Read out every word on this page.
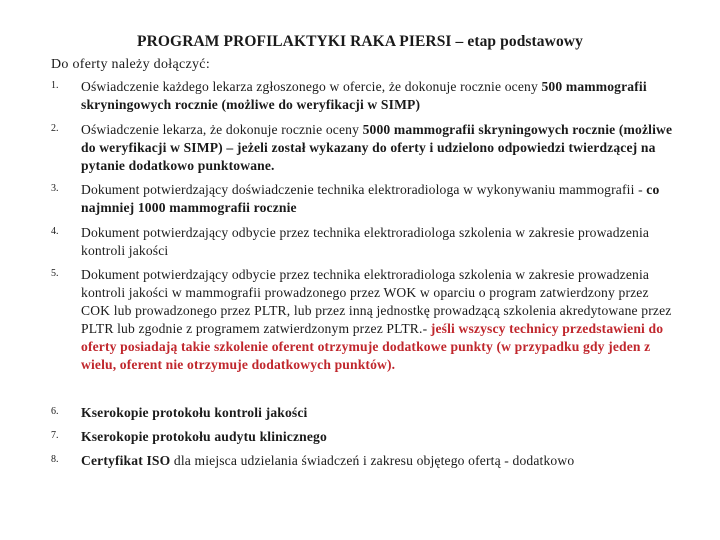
PROGRAM PROFILAKTYKI RAKA PIERSI – etap podstawowy
Do oferty należy dołączyć:
1.	Oświadczenie każdego lekarza zgłoszonego w ofercie, że dokonuje rocznie oceny 500 mammografii skryningowych rocznie (możliwe do weryfikacji w SIMP)
2.	Oświadczenie lekarza, że dokonuje rocznie oceny 5000 mammografii skryningowych rocznie (możliwe do weryfikacji w SIMP) – jeżeli został wykazany do oferty i udzielono odpowiedzi twierdzącej na pytanie dodatkowo punktowane.
3.	Dokument potwierdzający doświadczenie technika elektroradiologa w wykonywaniu mammografii - co najmniej 1000 mammografii rocznie
4.	Dokument potwierdzający odbycie przez technika elektroradiologa szkolenia w zakresie prowadzenia kontroli jakości
5.	Dokument potwierdzający odbycie przez technika elektroradiologa szkolenia w zakresie prowadzenia kontroli jakości w mammografii prowadzonego przez WOK w oparciu o program zatwierdzony przez COK lub prowadzonego przez PLTR, lub przez inną jednostkę prowadzącą szkolenia akredytowane przez PLTR lub zgodnie z programem zatwierdzonym przez PLTR.- jeśli wszyscy technicy przedstawieni do oferty posiadają takie szkolenie oferent otrzymuje dodatkowe punkty (w przypadku gdy jeden z wielu, oferent nie otrzymuje dodatkowych punktów).
6.	Kserokopie protokołu kontroli jakości
7.	Kserokopie protokołu audytu klinicznego
8.	Certyfikat ISO dla miejsca udzielania świadczeń i zakresu objętego ofertą - dodatkowo
